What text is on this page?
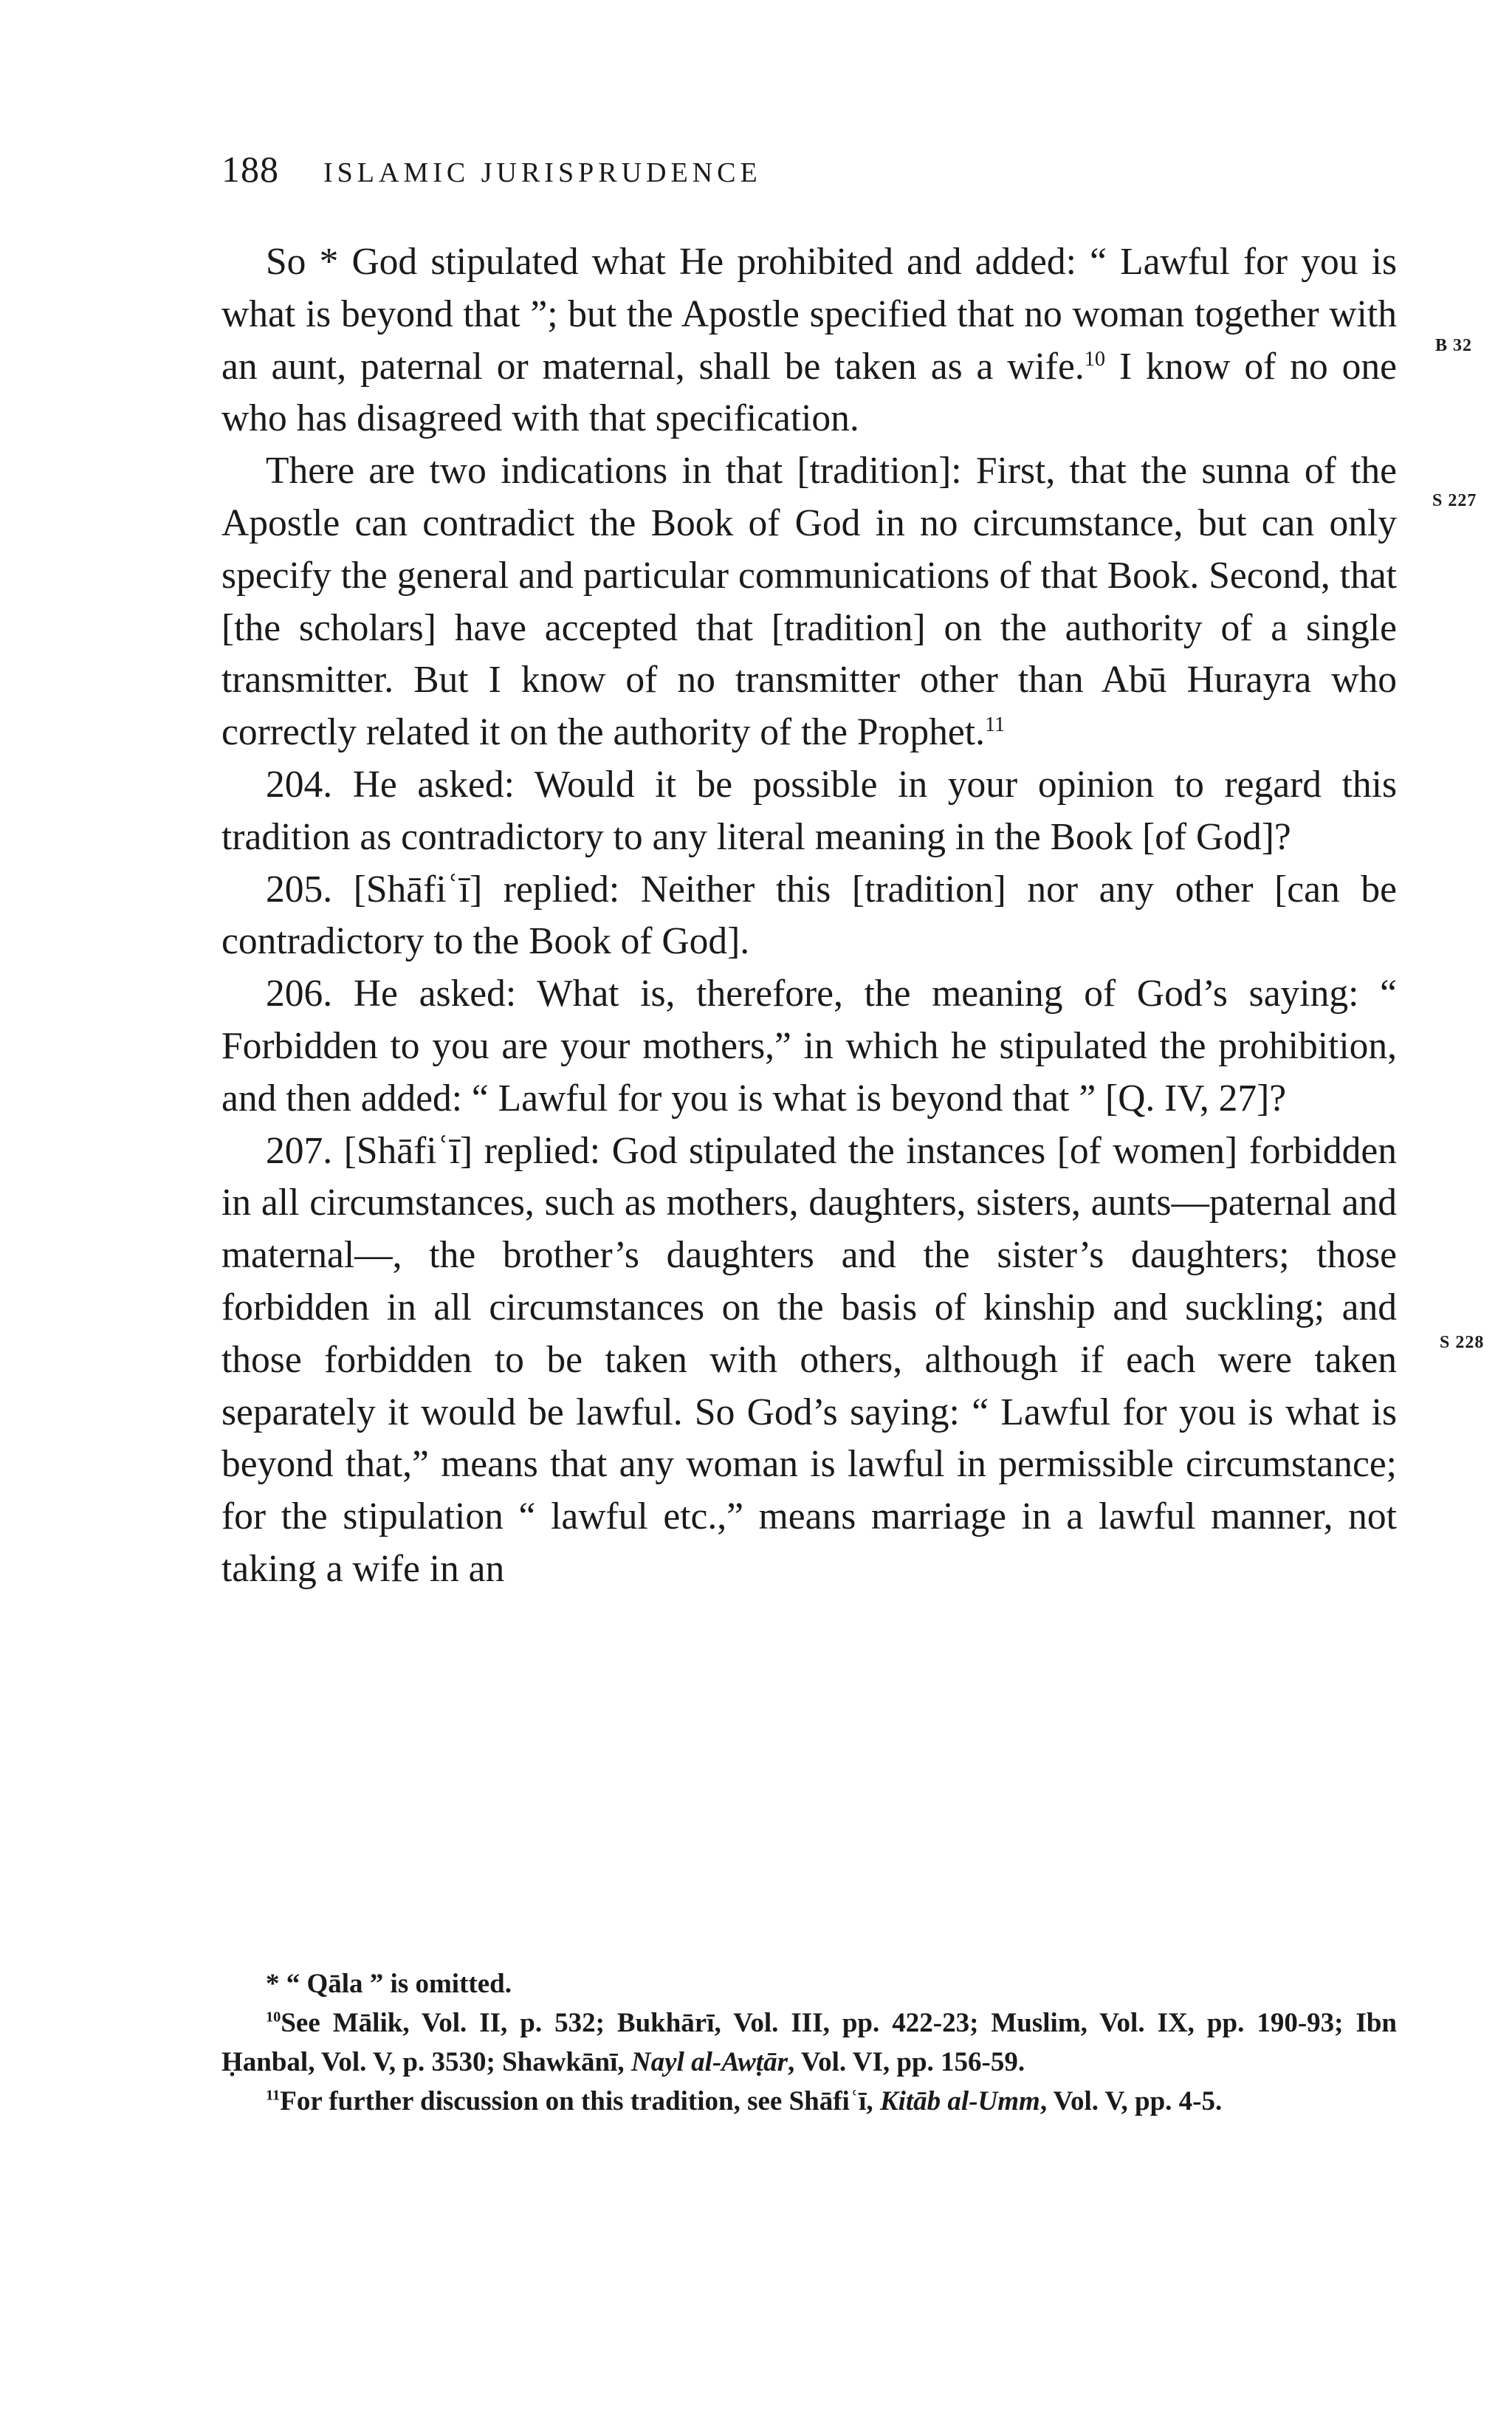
188 ISLAMIC JURISPRUDENCE
B 32
S 227
S 228

So * God stipulated what He prohibited and added: “ Lawful for you is what is beyond that ”; but the Apostle specified that no woman together with an aunt, paternal or maternal, shall be taken as a wife.$^{10}$ I know of no one who has disagreed with that specification.

There are two indications in that [tradition]: First, that the sunna of the Apostle can contradict the Book of God in no circumstance, but can only specify the general and particular communications of that Book. Second, that [the scholars] have accepted that [tradition] on the authority of a single transmitter. But I know of no transmitter other than Abū Hurayra who correctly related it on the authority of the Prophet.$^{11}$

204. He asked: Would it be possible in your opinion to regard this tradition as contradictory to any literal meaning in the Book [of God]?

205. [Shāfiʿī] replied: Neither this [tradition] nor any other [can be contradictory to the Book of God].

206. He asked: What is, therefore, the meaning of God’s saying: “ Forbidden to you are your mothers,” in which he stipulated the prohibition, and then added: “ Lawful for you is what is beyond that ” [Q. IV, 27]?

207. [Shāfiʿī] replied: God stipulated the instances [of women] forbidden in all circumstances, such as mothers, daughters, sisters, aunts—paternal and maternal—, the brother’s daughters and the sister’s daughters; those forbidden in all circumstances on the basis of kinship and suckling; and those forbidden to be taken with others, although if each were taken separately it would be lawful. So God’s saying: “ Lawful for you is what is beyond that,” means that any woman is lawful in permissible circumstance; for the stipulation “ lawful etc.,” means marriage in a lawful manner, not taking a wife in an

* “ Qāla ” is omitted.

$^{10}$See Mālik, Vol. II, p. 532; Bukhārī, Vol. III, pp. 422-23; Muslim, Vol. IX, pp. 190-93; Ibn Ḥanbal, Vol. V, p. 3530; Shawkānī, Nayl al-Awṭār, Vol. VI, pp. 156-59.

$^{11}$For further discussion on this tradition, see Shāfiʿī, Kitāb al-Umm, Vol. V, pp. 4-5.
